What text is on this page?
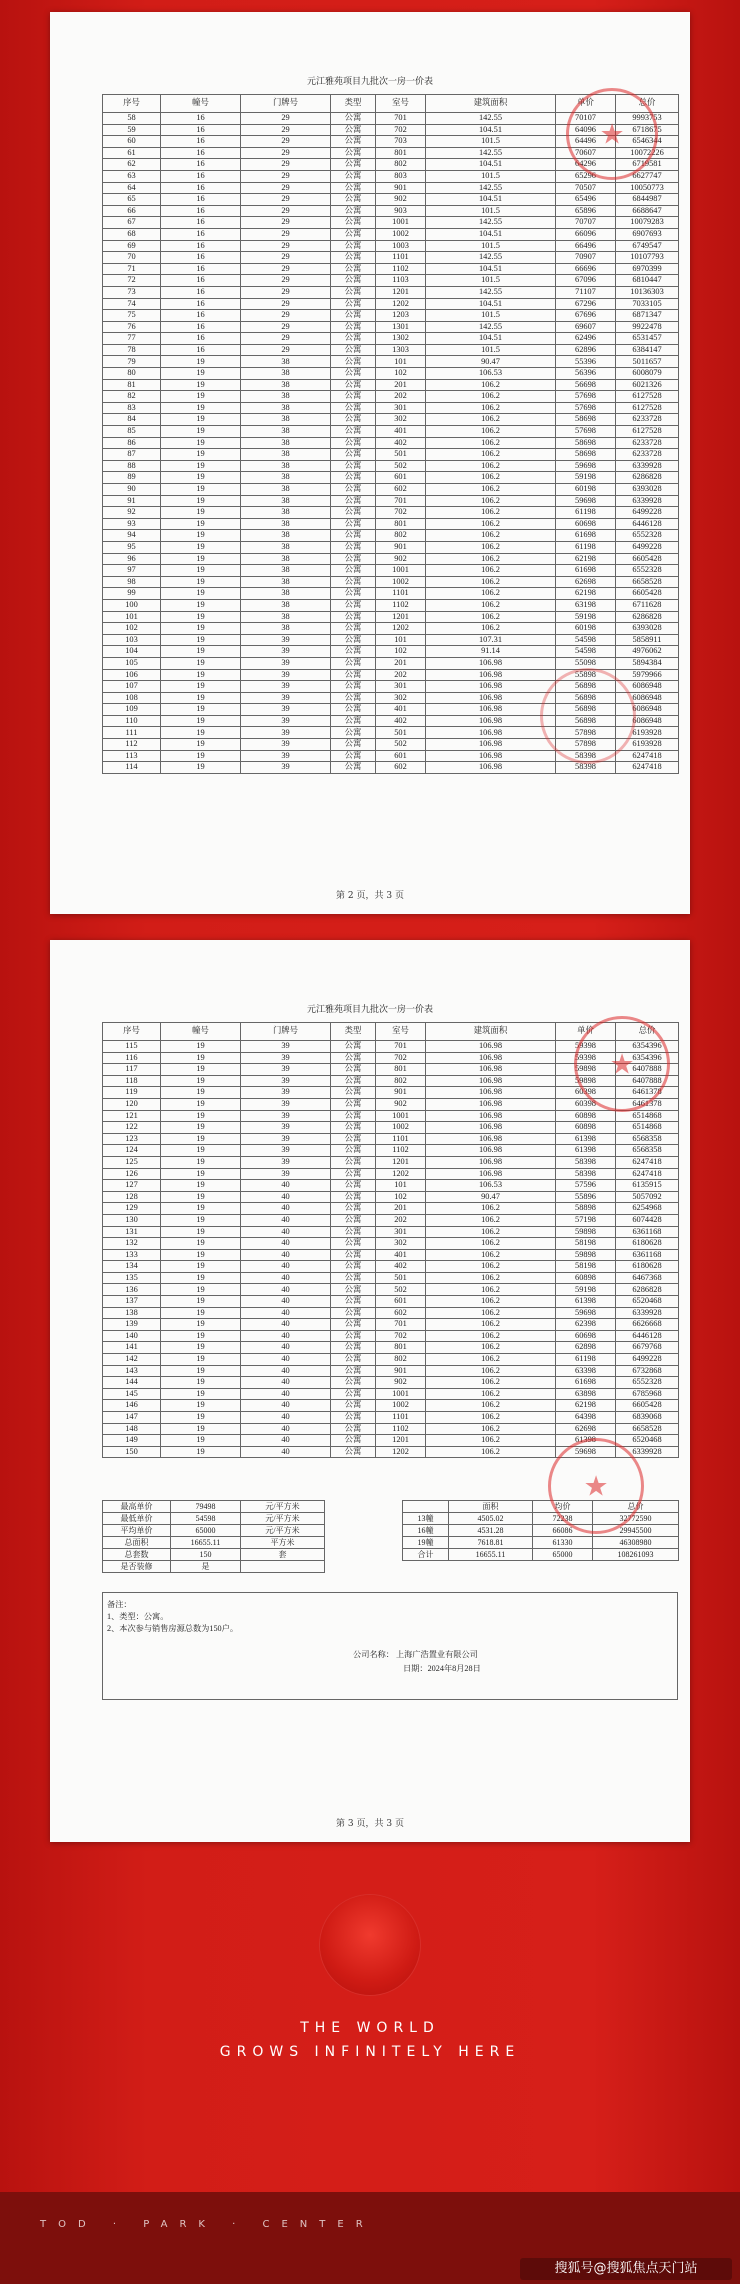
元江雅苑项目九批次一房一价表
序号	幢号	门牌号	类型	室号	建筑面积	单价	总价
58	16	29	公寓	701	142.55	70107	9993753
59	16	29	公寓	702	104.51	64096	6718675
60	16	29	公寓	703	101.5	64496	6546344
61	16	29	公寓	801	142.55	70607	10072226
62	16	29	公寓	802	104.51	64296	6719581
63	16	29	公寓	803	101.5	65296	6627747
64	16	29	公寓	901	142.55	70507	10050773
65	16	29	公寓	902	104.51	65496	6844987
66	16	29	公寓	903	101.5	65896	6688647
67	16	29	公寓	1001	142.55	70707	10079283
68	16	29	公寓	1002	104.51	66096	6907693
69	16	29	公寓	1003	101.5	66496	6749547
70	16	29	公寓	1101	142.55	70907	10107793
71	16	29	公寓	1102	104.51	66696	6970399
72	16	29	公寓	1103	101.5	67096	6810447
73	16	29	公寓	1201	142.55	71107	10136303
74	16	29	公寓	1202	104.51	67296	7033105
75	16	29	公寓	1203	101.5	67696	6871347
76	16	29	公寓	1301	142.55	69607	9922478
77	16	29	公寓	1302	104.51	62496	6531457
78	16	29	公寓	1303	101.5	62896	6384147
79	19	38	公寓	101	90.47	55396	5011657
80	19	38	公寓	102	106.53	56396	6008079
81	19	38	公寓	201	106.2	56698	6021326
82	19	38	公寓	202	106.2	57698	6127528
83	19	38	公寓	301	106.2	57698	6127528
84	19	38	公寓	302	106.2	58698	6233728
85	19	38	公寓	401	106.2	57698	6127528
86	19	38	公寓	402	106.2	58698	6233728
87	19	38	公寓	501	106.2	58698	6233728
88	19	38	公寓	502	106.2	59698	6339928
89	19	38	公寓	601	106.2	59198	6286828
90	19	38	公寓	602	106.2	60198	6393028
91	19	38	公寓	701	106.2	59698	6339928
92	19	38	公寓	702	106.2	61198	6499228
93	19	38	公寓	801	106.2	60698	6446128
94	19	38	公寓	802	106.2	61698	6552328
95	19	38	公寓	901	106.2	61198	6499228
96	19	38	公寓	902	106.2	62198	6605428
97	19	38	公寓	1001	106.2	61698	6552328
98	19	38	公寓	1002	106.2	62698	6658528
99	19	38	公寓	1101	106.2	62198	6605428
100	19	38	公寓	1102	106.2	63198	6711628
101	19	38	公寓	1201	106.2	59198	6286828
102	19	38	公寓	1202	106.2	60198	6393028
103	19	39	公寓	101	107.31	54598	5858911
104	19	39	公寓	102	91.14	54598	4976062
105	19	39	公寓	201	106.98	55098	5894384
106	19	39	公寓	202	106.98	55898	5979966
107	19	39	公寓	301	106.98	56898	6086948
108	19	39	公寓	302	106.98	56898	6086948
109	19	39	公寓	401	106.98	56898	6086948
110	19	39	公寓	402	106.98	56898	6086948
111	19	39	公寓	501	106.98	57898	6193928
112	19	39	公寓	502	106.98	57898	6193928
113	19	39	公寓	601	106.98	58398	6247418
114	19	39	公寓	602	106.98	58398	6247418
★
第 2 页，共 3 页
元江雅苑项目九批次一房一价表
序号	幢号	门牌号	类型	室号	建筑面积	单价	总价
115	19	39	公寓	701	106.98	59398	6354396
116	19	39	公寓	702	106.98	59398	6354396
117	19	39	公寓	801	106.98	59898	6407888
118	19	39	公寓	802	106.98	59898	6407888
119	19	39	公寓	901	106.98	60398	6461378
120	19	39	公寓	902	106.98	60398	6461378
121	19	39	公寓	1001	106.98	60898	6514868
122	19	39	公寓	1002	106.98	60898	6514868
123	19	39	公寓	1101	106.98	61398	6568358
124	19	39	公寓	1102	106.98	61398	6568358
125	19	39	公寓	1201	106.98	58398	6247418
126	19	39	公寓	1202	106.98	58398	6247418
127	19	40	公寓	101	106.53	57596	6135915
128	19	40	公寓	102	90.47	55896	5057092
129	19	40	公寓	201	106.2	58898	6254968
130	19	40	公寓	202	106.2	57198	6074428
131	19	40	公寓	301	106.2	59898	6361168
132	19	40	公寓	302	106.2	58198	6180628
133	19	40	公寓	401	106.2	59898	6361168
134	19	40	公寓	402	106.2	58198	6180628
135	19	40	公寓	501	106.2	60898	6467368
136	19	40	公寓	502	106.2	59198	6286828
137	19	40	公寓	601	106.2	61398	6520468
138	19	40	公寓	602	106.2	59698	6339928
139	19	40	公寓	701	106.2	62398	6626668
140	19	40	公寓	702	106.2	60698	6446128
141	19	40	公寓	801	106.2	62898	6679768
142	19	40	公寓	802	106.2	61198	6499228
143	19	40	公寓	901	106.2	63398	6732868
144	19	40	公寓	902	106.2	61698	6552328
145	19	40	公寓	1001	106.2	63898	6785968
146	19	40	公寓	1002	106.2	62198	6605428
147	19	40	公寓	1101	106.2	64398	6839068
148	19	40	公寓	1102	106.2	62698	6658528
149	19	40	公寓	1201	106.2	61398	6520468
150	19	40	公寓	1202	106.2	59698	6339928
最高单价	79498	元/平方米
最低单价	54598	元/平方米
平均单价	65000	元/平方米
总面积	16655.11	平方米
总套数	150	套
是否装修	是	
	面积	均价	总价
13幢	4505.02	72238	32772590
16幢	4531.28	66086	29945500
19幢	7618.81	61330	46308980
合计	16655.11	65000	108261093

备注：

1、类型：公寓。

2、本次参与销售房源总数为150户。

公司名称： 上海广浩置业有限公司

日期：2024年8月28日

★
★
第 3 页，共 3 页
THE WORLD
GROWS INFINITELY HERE
TOD · PARK · CENTER
搜狐号@搜狐焦点天门站
